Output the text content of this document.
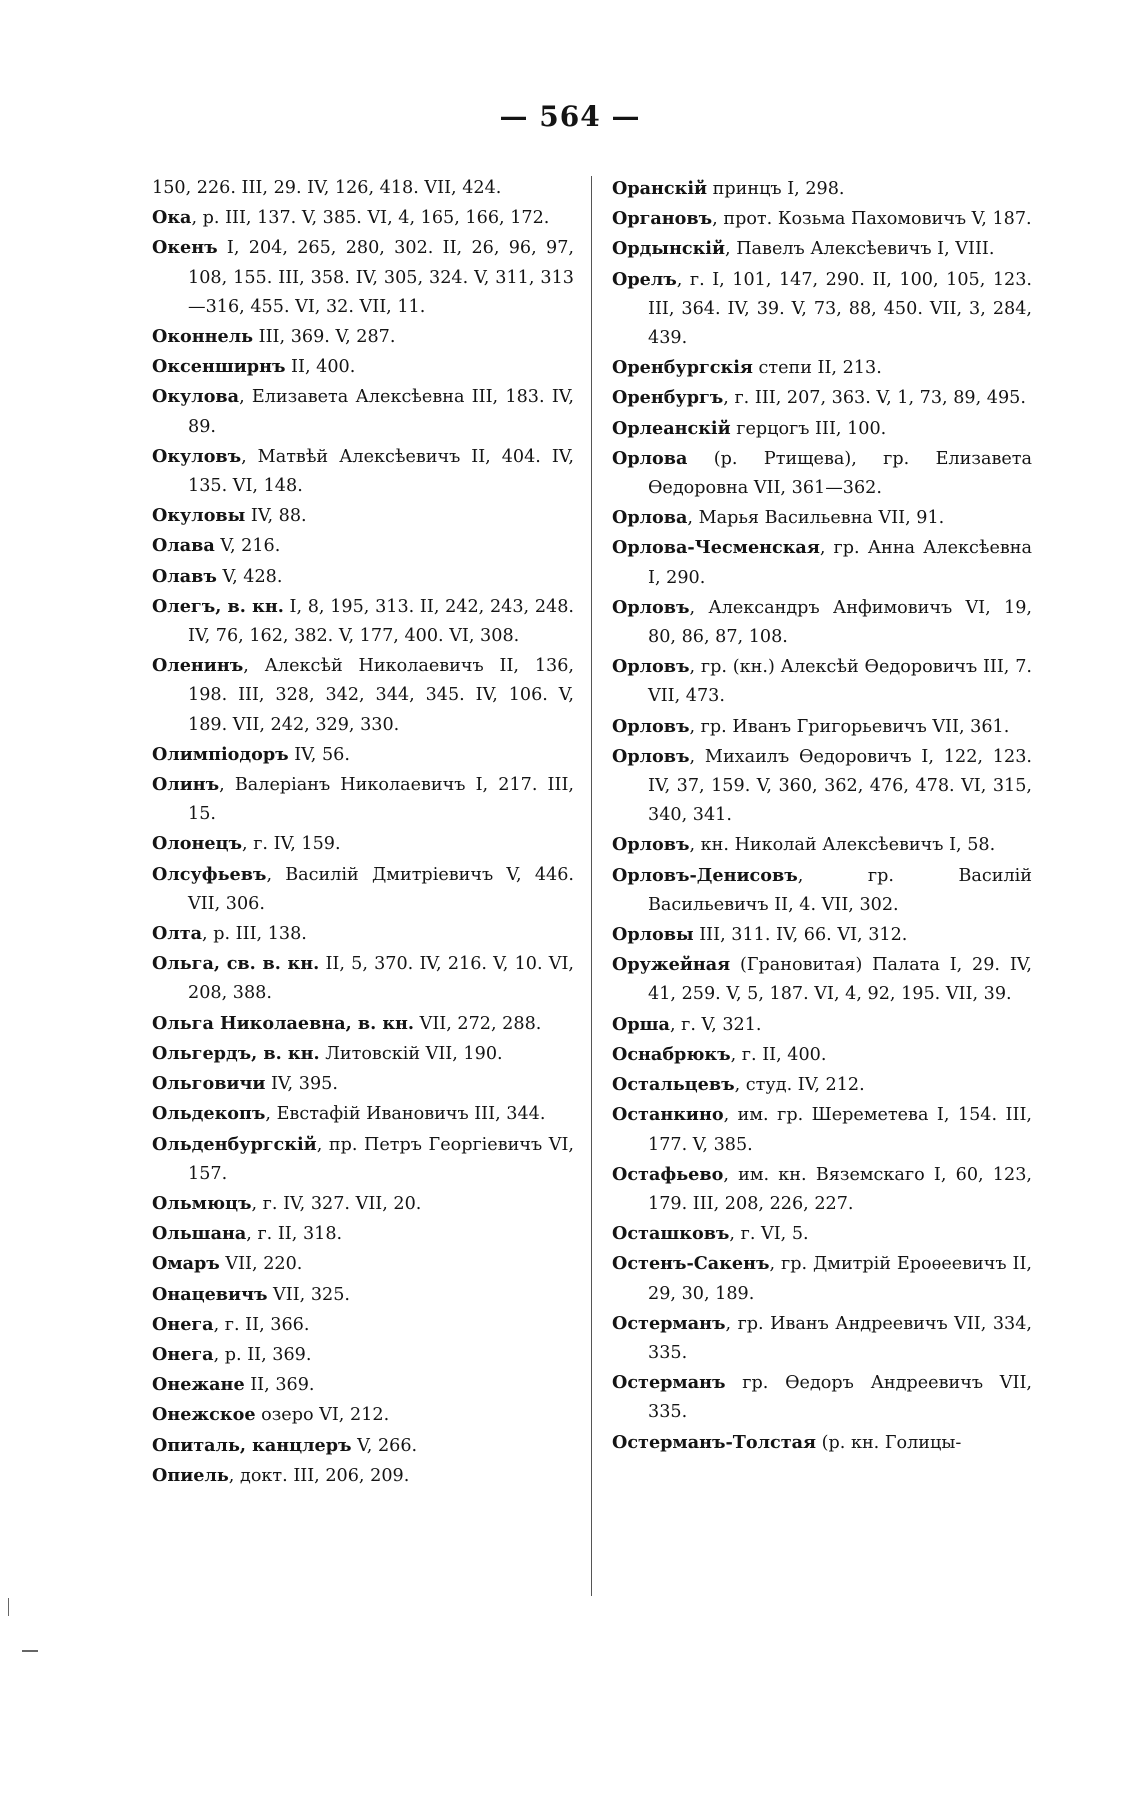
— 564 —
150, 226. III, 29. IV, 126, 418. VII, 424.
Ока, р. III, 137. V, 385. VI, 4, 165, 166, 172.
Окенъ I, 204, 265, 280, 302. II, 26, 96, 97, 108, 155. III, 358. IV, 305, 324. V, 311, 313—316, 455. VI, 32. VII, 11.
Оконнель III, 369. V, 287.
Оксенширнъ II, 400.
Окулова, Елизавета Алексѣевна III, 183. IV, 89.
Окуловъ, Матвѣй Алексѣевичъ II, 404. IV, 135. VI, 148.
Окуловы IV, 88.
Олава V, 216.
Олавъ V, 428.
Олегъ, в. кн. I, 8, 195, 313. II, 242, 243, 248. IV, 76, 162, 382. V, 177, 400. VI, 308.
Оленинъ, Алексѣй Николаевичъ II, 136, 198. III, 328, 342, 344, 345. IV, 106. V, 189. VII, 242, 329, 330.
Олимпіодоръ IV, 56.
Олинъ, Валеріанъ Николаевичъ I, 217. III, 15.
Олонецъ, г. IV, 159.
Олсуфьевъ, Василій Дмитріевичъ V, 446. VII, 306.
Олта, р. III, 138.
Ольга, св. в. кн. II, 5, 370. IV, 216. V, 10. VI, 208, 388.
Ольга Николаевна, в. кн. VII, 272, 288.
Ольгердъ, в. кн. Литовскій VII, 190.
Ольговичи IV, 395.
Ольдекопъ, Евстафій Ивановичъ III, 344.
Ольденбургскій, пр. Петръ Георгіевичъ VI, 157.
Ольмюцъ, г. IV, 327. VII, 20.
Ольшана, г. II, 318.
Омаръ VII, 220.
Онацевичъ VII, 325.
Онега, г. II, 366.
Онега, р. II, 369.
Онежане II, 369.
Онежское озеро VI, 212.
Опиталь, канцлеръ V, 266.
Опиель, докт. III, 206, 209.
Оранскій принцъ I, 298.
Органовъ, прот. Козьма Пахомовичъ V, 187.
Ордынскій, Павелъ Алексѣевичъ I, VIII.
Орелъ, г. I, 101, 147, 290. II, 100, 105, 123. III, 364. IV, 39. V, 73, 88, 450. VII, 3, 284, 439.
Оренбургскія степи II, 213.
Оренбургъ, г. III, 207, 363. V, 1, 73, 89, 495.
Орлеанскій герцогъ III, 100.
Орлова (р. Ртищева), гр. Елизавета Ѳедоровна VII, 361—362.
Орлова, Марья Васильевна VII, 91.
Орлова-Чесменская, гр. Анна Алексѣевна I, 290.
Орловъ, Александръ Анфимовичъ VI, 19, 80, 86, 87, 108.
Орловъ, гр. (кн.) Алексѣй Ѳедоровичъ III, 7. VII, 473.
Орловъ, гр. Иванъ Григорьевичъ VII, 361.
Орловъ, Михаилъ Ѳедоровичъ I, 122, 123. IV, 37, 159. V, 360, 362, 476, 478. VI, 315, 340, 341.
Орловъ, кн. Николай Алексѣевичъ I, 58.
Орловъ-Денисовъ, гр. Василій Васильевичъ II, 4. VII, 302.
Орловы III, 311. IV, 66. VI, 312.
Оружейная (Грановитая) Палата I, 29. IV, 41, 259. V, 5, 187. VI, 4, 92, 195. VII, 39.
Орша, г. V, 321.
Оснабрюкъ, г. II, 400.
Остальцевъ, студ. IV, 212.
Останкино, им. гр. Шереметева I, 154. III, 177. V, 385.
Остафьево, им. кн. Вяземскаго I, 60, 123, 179. III, 208, 226, 227.
Осташковъ, г. VI, 5.
Остенъ-Сакенъ, гр. Дмитрій Ероѳеевичъ II, 29, 30, 189.
Остерманъ, гр. Иванъ Андреевичъ VII, 334, 335.
Остерманъ гр. Ѳедоръ Андреевичъ VII, 335.
Остерманъ-Толстая (р. кн. Голицы-
